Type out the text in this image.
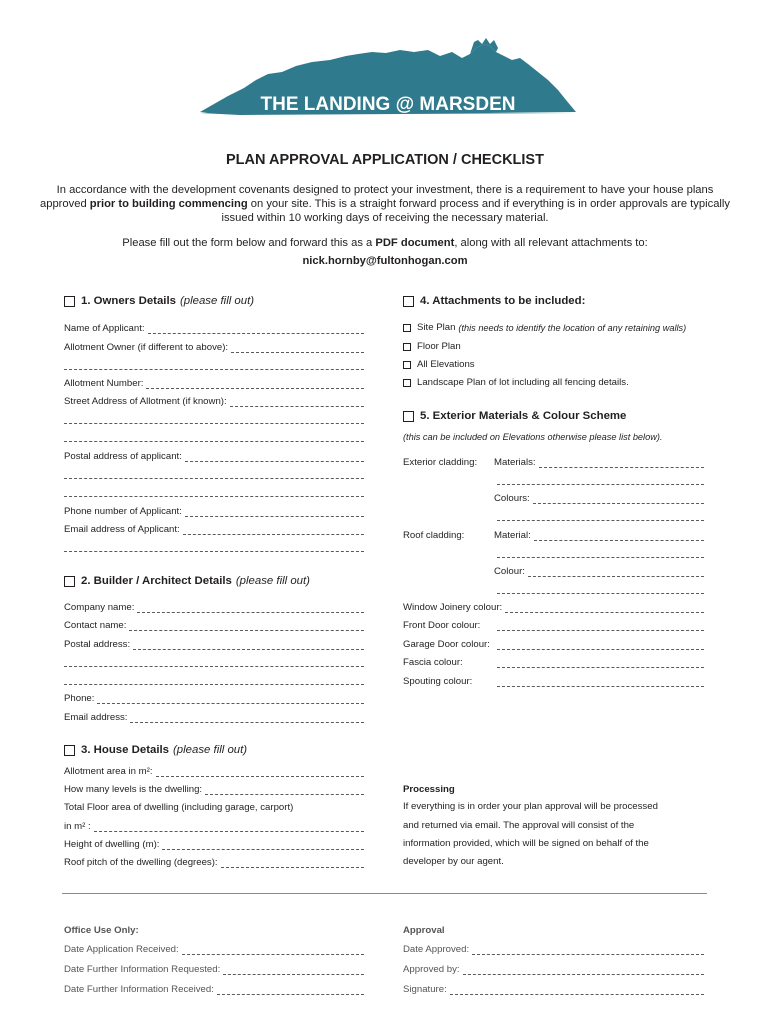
THE LANDING @ MARSDEN
PLAN APPROVAL APPLICATION / CHECKLIST
In accordance with the development covenants designed to protect your investment, there is a requirement to have your house plans approved prior to building commencing on your site. This is a straight forward process and if everything is in order approvals are typically issued within 10 working days of receiving the necessary material.
Please fill out the form below and forward this as a PDF document, along with all relevant attachments to:
nick.hornby@fultonhogan.com
1. Owners Details (please fill out)
Name of Applicant:
Allotment Owner (if different to above):
Allotment Number:
Street Address of Allotment (if known):
Postal address of applicant:
Phone number of Applicant:
Email address of Applicant:
2. Builder / Architect Details (please fill out)
Company name:
Contact name:
Postal address:
Phone:
Email address:
3. House Details (please fill out)
Allotment area in m²:
How many levels is the dwelling:
Total Floor area of dwelling (including garage, carport)
in m² :
Height of dwelling (m):
Roof pitch of the dwelling (degrees):
4. Attachments to be included:
Site Plan (this needs to identify the location of any retaining walls)
Floor Plan
All Elevations
Landscape Plan of lot including all fencing details.
5. Exterior Materials & Colour Scheme
(this can be included on Elevations otherwise please list below).
Exterior cladding: Materials:
Colours:
Roof cladding:	Material:
Colour:
Window Joinery colour:
Front Door colour:
Garage Door colour:
Fascia colour:
Spouting colour:
Processing
If everything is in order your plan approval will be processed
and returned via email. The approval will consist of the
information provided, which will be signed on behalf of the
developer by our agent.
Office Use Only:
Date Application Received:
Date Further Information Requested:
Date Further Information Received:
Approval
Date Approved:
Approved by:
Signature:
